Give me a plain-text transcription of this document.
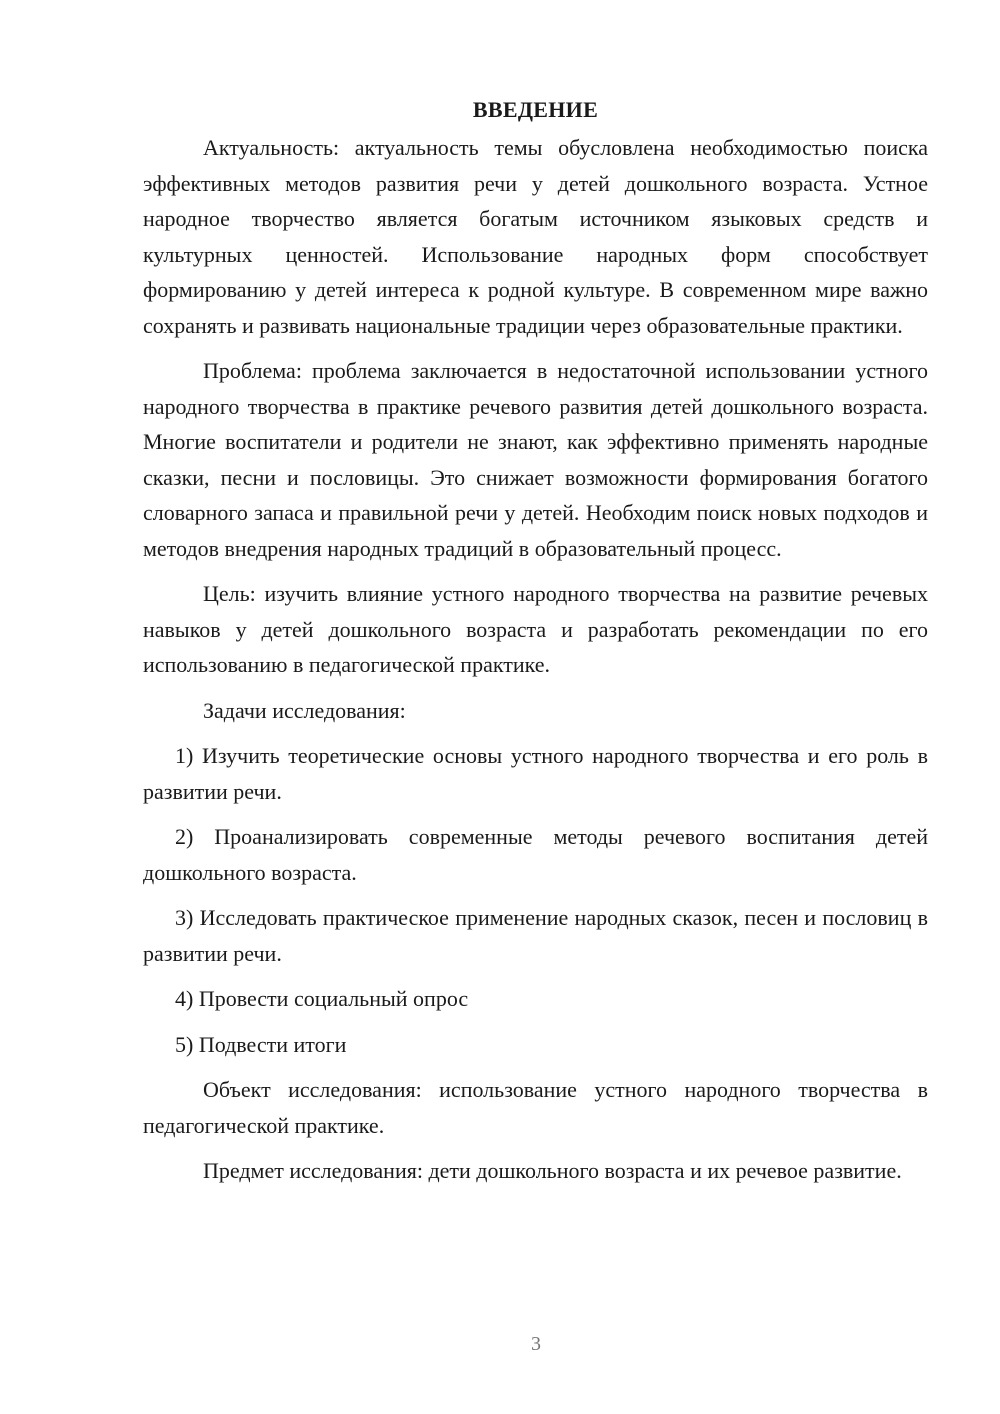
ВВЕДЕНИЕ

Актуальность: актуальность темы обусловлена необходимостью поиска эффективных методов развития речи у детей дошкольного возраста. Устное народное творчество является богатым источником языковых средств и культурных ценностей. Использование народных форм способствует формированию у детей интереса к родной культуре. В современном мире важно сохранять и развивать национальные традиции через образовательные практики.

Проблема: проблема заключается в недостаточной использовании устного народного творчества в практике речевого развития детей дошкольного возраста. Многие воспитатели и родители не знают, как эффективно применять народные сказки, песни и пословицы. Это снижает возможности формирования богатого словарного запаса и правильной речи у детей. Необходим поиск новых подходов и методов внедрения народных традиций в образовательный процесс.

Цель: изучить влияние устного народного творчества на развитие речевых навыков у детей дошкольного возраста и разработать рекомендации по его использованию в педагогической практике.

Задачи исследования:

1) Изучить теоретические основы устного народного творчества и его роль в развитии речи.

2) Проанализировать современные методы речевого воспитания детей дошкольного возраста.

3) Исследовать практическое применение народных сказок, песен и пословиц в развитии речи.

4) Провести социальный опрос

5) Подвести итоги

Объект исследования: использование устного народного творчества в педагогической практике.

Предмет исследования: дети дошкольного возраста и их речевое развитие.

3
